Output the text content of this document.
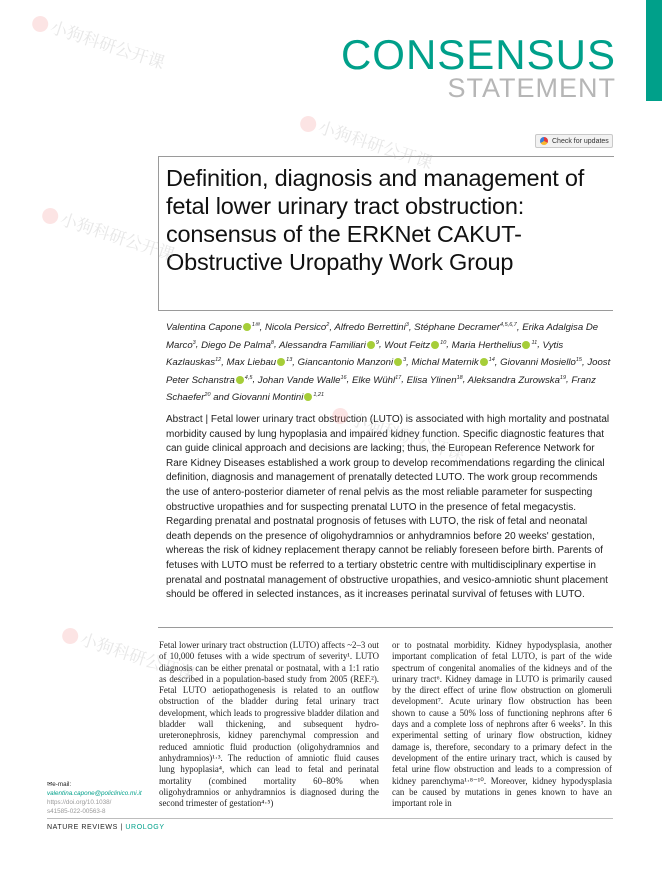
CONSENSUS
STATEMENT
Check for updates
Definition, diagnosis and management of fetal lower urinary tract obstruction: consensus of the ERKNet CAKUT-Obstructive Uropathy Work Group
Valentina Capone $^{1✉}$, Nicola Persico$^2$, Alfredo Berrettini$^3$, Stéphane Decramer$^{4,5,6,7}$, Erika Adalgisa De Marco$^3$, Diego De Palma$^8$, Alessandra Familiari $^9$, Wout Feitz $^{10}$, Maria Herthelius $^{11}$, Vytis Kazlauskas$^{12}$, Max Liebau $^{13}$, Giancantonio Manzoni $^3$, Michal Maternik $^{14}$, Giovanni Mosiello$^{15}$, Joost Peter Schanstra $^{4,5}$, Johan Vande Walle$^{16}$, Elke Wühl$^{17}$, Elisa Ylinen$^{18}$, Aleksandra Zurowska$^{19}$, Franz Schaefer$^{20}$ and Giovanni Montini $^{1,21}$

Abstract | Fetal lower urinary tract obstruction (LUTO) is associated with high mortality and postnatal morbidity caused by lung hypoplasia and impaired kidney function. Specific diagnostic features that can guide clinical approach and decisions are lacking; thus, the European Reference Network for Rare Kidney Diseases established a work group to develop recommendations regarding the clinical definition, diagnosis and management of prenatally detected LUTO. The work group recommends the use of antero-posterior diameter of renal pelvis as the most reliable parameter for suspecting obstructive uropathies and for suspecting prenatal LUTO in the presence of fetal megacystis. Regarding prenatal and postnatal prognosis of fetuses with LUTO, the risk of fetal and neonatal death depends on the presence of oligohydramnios or anhydramnios before 20 weeks' gestation, whereas the risk of kidney replacement therapy cannot be reliably foreseen before birth. Parents of fetuses with LUTO must be referred to a tertiary obstetric centre with multidisciplinary expertise in prenatal and postnatal management of obstructive uropathies, and vesico-amniotic shunt placement should be offered in selected instances, as it increases perinatal survival of fetuses with LUTO.

Fetal lower urinary tract obstruction (LUTO) affects ~2–3 out of 10,000 fetuses with a wide spectrum of severity¹. LUTO diagnosis can be either prenatal or postnatal, with a 1:1 ratio as described in a population-based study from 2005 (REF.²). Fetal LUTO aetiopathogenesis is related to an outflow obstruction of the bladder during fetal urinary tract development, which leads to progressive bladder dilation and bladder wall thickening, and subsequent hydro-ureteronephrosis, kidney parenchymal compression and reduced amniotic fluid production (oligohydramnios and anhydramnios)¹·³. The reduction of amniotic fluid causes lung hypoplasia⁴, which can lead to fetal and perinatal mortality (combined mortality 60–80% when oligohydramnios or anhydramnios is diagnosed during the second trimester of gestation⁴·⁵)

or to postnatal morbidity. Kidney hypodysplasia, another important complication of fetal LUTO, is part of the wide spectrum of congenital anomalies of the kidneys and of the urinary tract⁶. Kidney damage in LUTO is primarily caused by the direct effect of urine flow obstruction on glomeruli development⁷. Acute urinary flow obstruction has been shown to cause a 50% loss of functioning nephrons after 6 days and a complete loss of nephrons after 6 weeks⁷. In this experimental setting of urinary flow obstruction, kidney damage is, therefore, secondary to a primary defect in the development of the entire urinary tract, which is caused by fetal urine flow obstruction and leads to a compression of kidney parenchyma¹·⁸⁻¹⁰. Moreover, kidney hypodysplasia can be caused by mutations in genes known to have an important role in

✉e-mail: valentina.capone@policlinico.mi.it
https://doi.org/10.1038/
s41585-022-00563-8
NATURE REVIEWS | UROLOGY
小狗科研公开课
小狗科研公开课
小狗科研公开课
小狗科研公开课
小狗科研公开课
